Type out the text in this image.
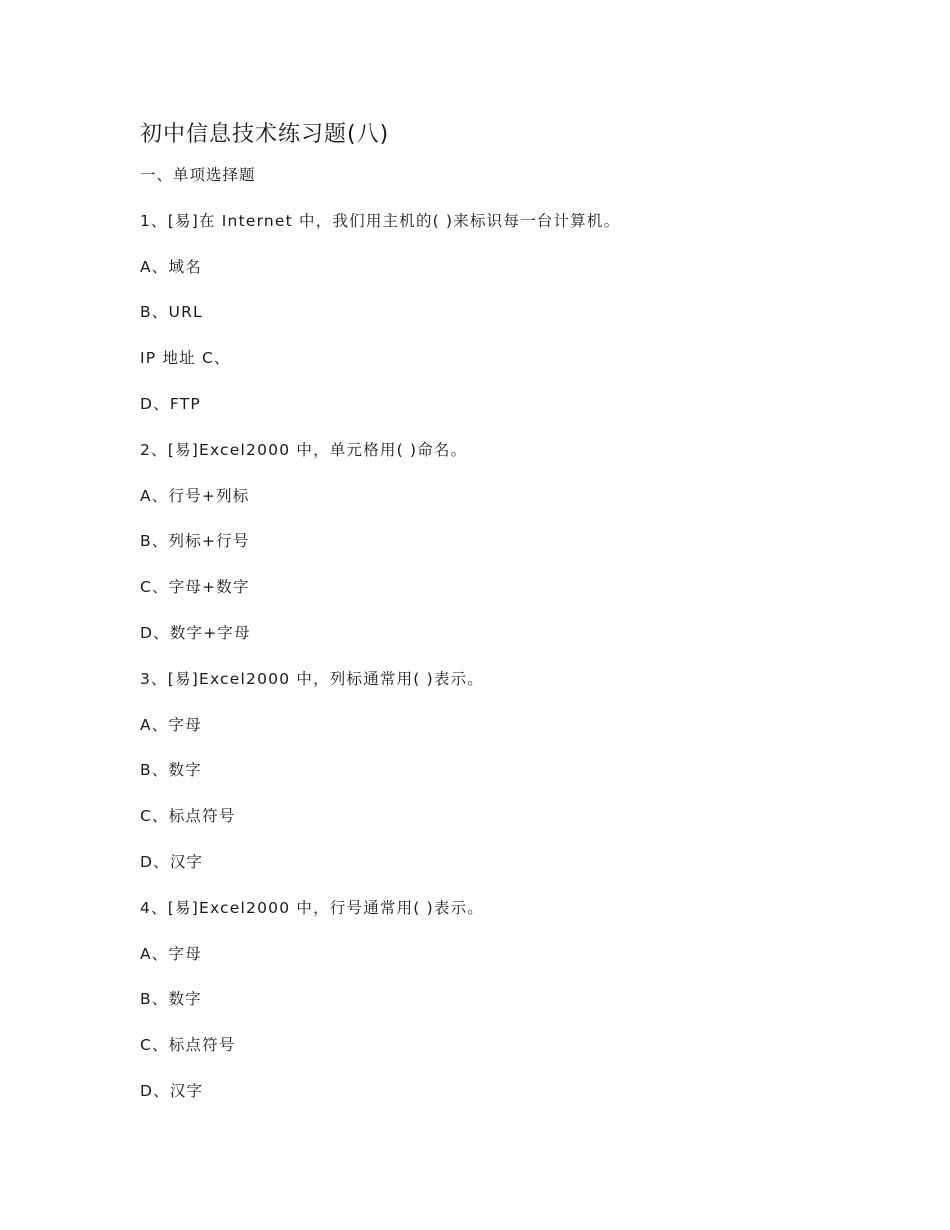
初中信息技术练习题(八)
一、单项选择题
1、[易]在 Internet 中，我们用主机的( )来标识每一台计算机。
A、域名
B、URL
IP 地址 C、
D、FTP
2、[易]Excel2000 中，单元格用( )命名。
A、行号+列标
B、列标+行号
C、字母+数字
D、数字+字母
3、[易]Excel2000 中，列标通常用( )表示。
A、字母
B、数字
C、标点符号
D、汉字
4、[易]Excel2000 中，行号通常用( )表示。
A、字母
B、数字
C、标点符号
D、汉字
